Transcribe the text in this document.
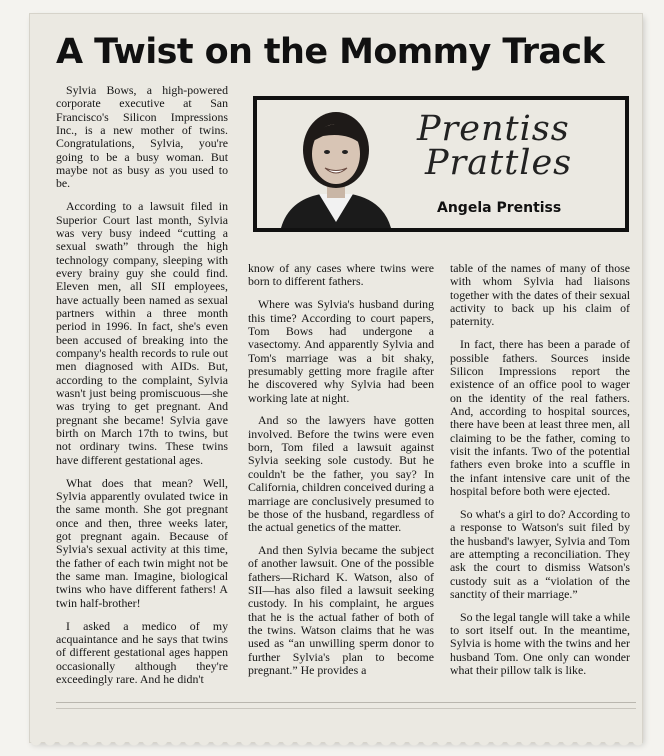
A Twist on the Mommy Track

Sylvia Bows, a high-powered corporate executive at San Francisco's Silicon Impressions Inc., is a new mother of twins. Congratulations, Sylvia, you're going to be a busy woman. But maybe not as busy as you used to be.

According to a lawsuit filed in Superior Court last month, Sylvia was very busy indeed “cutting a sexual swath” through the high technology company, sleeping with every brainy guy she could find. Eleven men, all SII employees, have actually been named as sexual partners within a three month period in 1996. In fact, she's even been accused of breaking into the company's health records to rule out men diagnosed with AIDs. But, according to the complaint, Sylvia wasn't just being promiscuous—she was trying to get pregnant. And pregnant she became! Sylvia gave birth on March 17th to twins, but not ordinary twins. These twins have different gestational ages.

What does that mean? Well, Sylvia apparently ovulated twice in the same month. She got pregnant once and then, three weeks later, got pregnant again. Because of Sylvia's sexual activity at this time, the father of each twin might not be the same man. Imagine, biological twins who have different fathers! A twin half-brother!

I asked a medico of my acquaintance and he says that twins of different gestational ages happen occasionally although they're exceedingly rare. And he didn't

Prentiss
Prattles
Angela Prentiss

know of any cases where twins were born to different fathers.

Where was Sylvia's husband during this time? According to court papers, Tom Bows had undergone a vasectomy. And apparently Sylvia and Tom's marriage was a bit shaky, presumably getting more fragile after he discovered why Sylvia had been working late at night.

And so the lawyers have gotten involved. Before the twins were even born, Tom filed a lawsuit against Sylvia seeking sole custody. But he couldn't be the father, you say? In California, children conceived during a marriage are conclusively presumed to be those of the husband, regardless of the actual genetics of the matter.

And then Sylvia became the subject of another lawsuit. One of the possible fathers—Richard K. Watson, also of SII—has also filed a lawsuit seeking custody. In his complaint, he argues that he is the actual father of both of the twins. Watson claims that he was used as “an unwilling sperm donor to further Sylvia's plan to become pregnant.” He provides a

table of the names of many of those with whom Sylvia had liaisons together with the dates of their sexual activity to back up his claim of paternity.

In fact, there has been a parade of possible fathers. Sources inside Silicon Impressions report the existence of an office pool to wager on the identity of the real fathers. And, according to hospital sources, there have been at least three men, all claiming to be the father, coming to visit the infants. Two of the potential fathers even broke into a scuffle in the infant intensive care unit of the hospital before both were ejected.

So what's a girl to do? According to a response to Watson's suit filed by the husband's lawyer, Sylvia and Tom are attempting a reconciliation. They ask the court to dismiss Watson's custody suit as a “violation of the sanctity of their marriage.”

So the legal tangle will take a while to sort itself out. In the meantime, Sylvia is home with the twins and her husband Tom. One only can wonder what their pillow talk is like.
